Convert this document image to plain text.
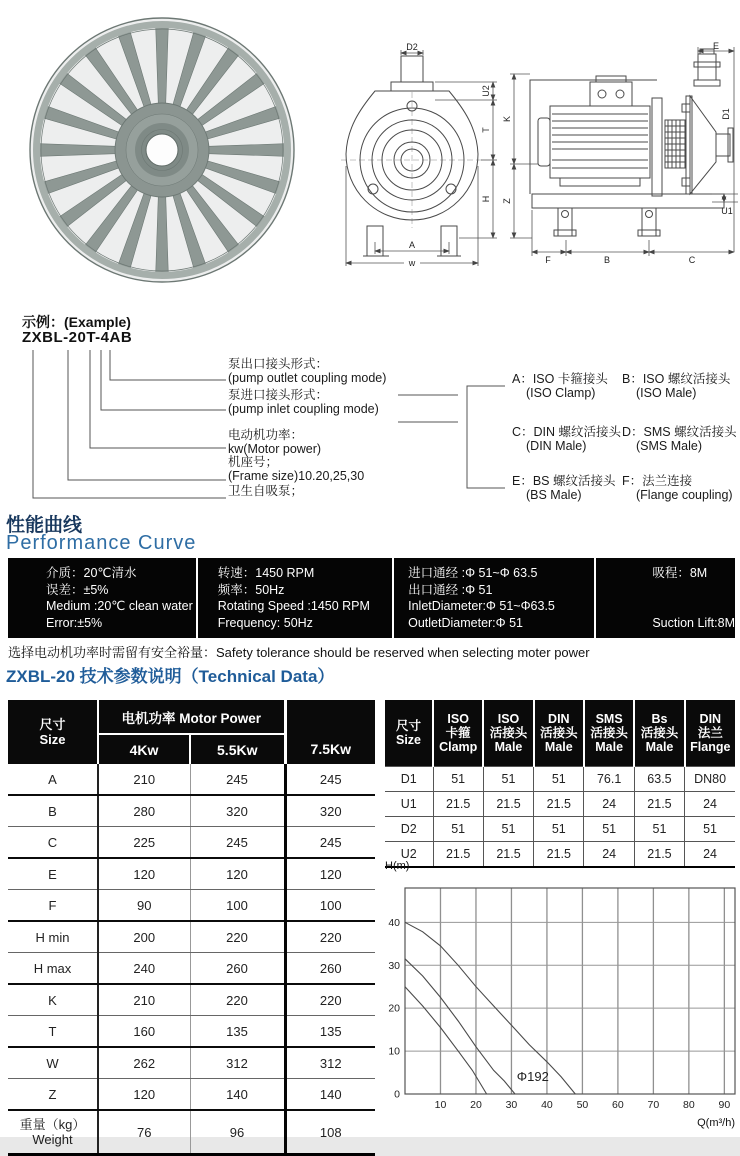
D2
U2
T
H
A
w
E
K
Z
D1
U1
F	B	C
示例：(Example)
ZXBL-20T-4AB
泵出口接头形式：
(pump outlet coupling mode)
泵进口接头形式：
(pump inlet coupling mode)
电动机功率：
kw(Motor power)
机座号；
(Frame size)10.20,25,30
卫生自吸泵；
A：ISO 卡箍接头
(ISO Clamp)
B：ISO 螺纹活接头
(ISO Male)
C：DIN 螺纹活接头
(DIN Male)
D：SMS 螺纹活接头
(SMS Male)
E：BS 螺纹活接头
(BS Male)
F：法兰连接
(Flange coupling)
性能曲线
Performance Curve
介质：20℃清水
误差：±5%
Medium :20℃ clean water
Error:±5%
转速：1450 RPM
频率：50Hz
Rotating Speed :1450 RPM
Frequency: 50Hz
进口通经 :Φ 51~Φ 63.5
出口通经 :Φ 51
InletDiameter:Φ 51~Φ63.5
OutletDiameter:Φ 51
吸程：8M

Suction Lift:8M
选择电动机功率时需留有安全裕量：Safety tolerance should be reserved when selecting moter power
ZXBL-20 技术参数说明（Technical Data）
尺寸
Size	电机功率 Motor Power		
	4Kw	5.5Kw	7.5Kw
A	210	245	245
B	280	320	320
C	225	245	245
E	120	120	120
F	90	100	100
H min	200	220	220
H max	240	260	260
K	210	220	220
T	160	135	135
W	262	312	312
Z	120	140	140

重量（kg）
Weight	76	96	108
尺寸
Size

ISO
卡箍
Clamp

ISO
活接头
Male

DIN
活接头
Male

SMS
活接头
Male

Bs
活接头
Male

DIN
法兰
Flange

D1	51	51	51	76.1	63.5	DN80
U1	21.5	21.5	21.5	24	21.5	24
D2	51	51	51	51	51	51
U2	21.5	21.5	21.5	24	21.5	24
H(m)
10 20 30 40 50 60 70 80 90
0
10
20
30
40
Φ192
Q(m³/h)
